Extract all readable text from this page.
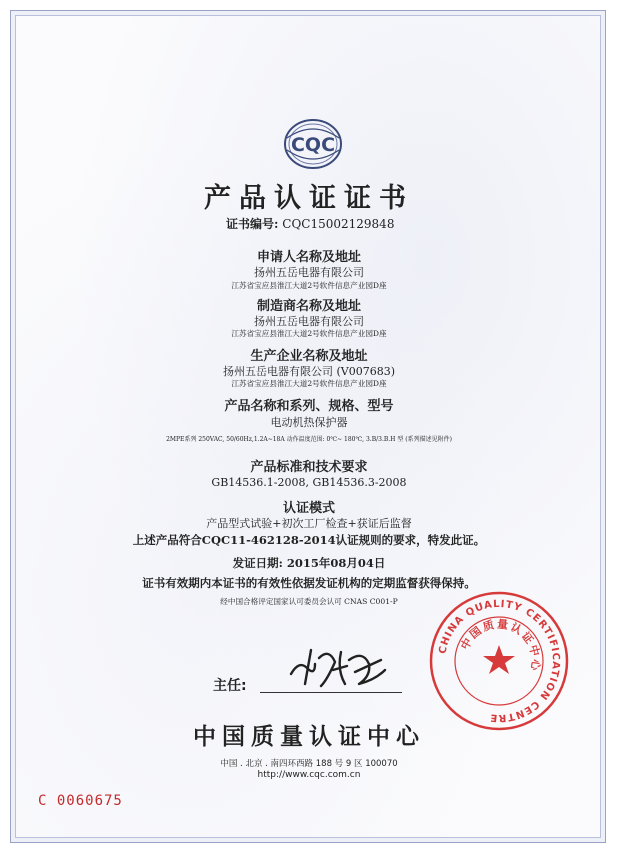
CQC
产品认证证书
证书编号: CQC15002129848
申请人名称及地址
扬州五岳电器有限公司
江苏省宝应县淮江大道2号软件信息产业园D座
制造商名称及地址
扬州五岳电器有限公司
江苏省宝应县淮江大道2号软件信息产业园D座
生产企业名称及地址
扬州五岳电器有限公司 (V007683)
江苏省宝应县淮江大道2号软件信息产业园D座
产品名称和系列、规格、型号
电动机热保护器
2MPE系列 250VAC, 50/60Hz,1.2A~18A 动作温度范围: 0℃~ 180℃, 3.B/3.B.H 型 (系列描述见附件)
产品标准和技术要求
GB14536.1-2008, GB14536.3-2008
认证模式
产品型式试验+初次工厂检查+获证后监督
上述产品符合CQC11-462128-2014认证规则的要求，特发此证。
发证日期: 2015年08月04日
证书有效期内本证书的有效性依据发证机构的定期监督获得保持。
经中国合格评定国家认可委员会认可 CNAS C001-P
CHINA QUALITY CERTIFICATION CENTRE
中国质量认证中心
主任:
中国质量认证中心
中国 . 北京 . 南四环西路 188 号 9 区 100070
http://www.cqc.com.cn
C 0060675
